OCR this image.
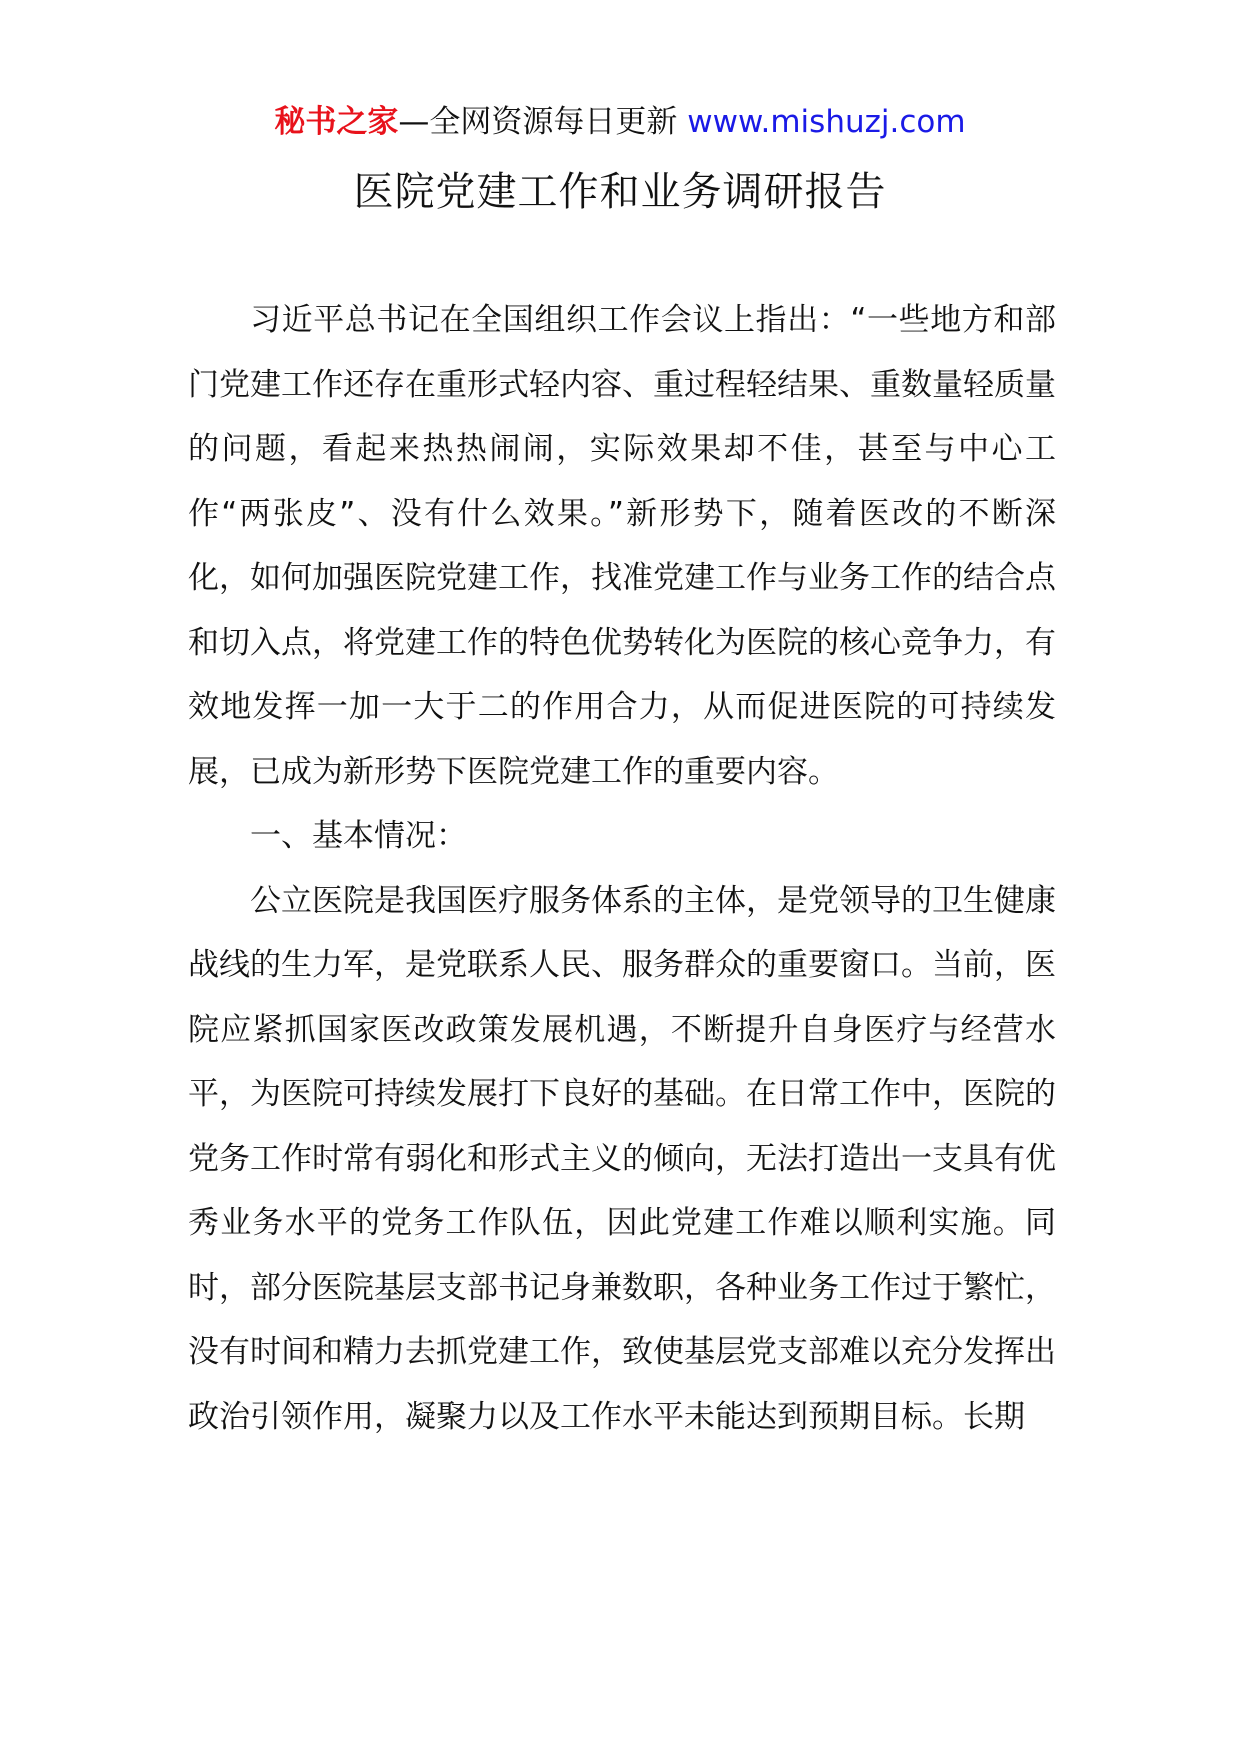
秘书之家—全网资源每日更新 www.mishuzj.com
医院党建工作和业务调研报告

习近平总书记在全国组织工作会议上指出：“一些地方和部门党建工作还存在重形式轻内容、重过程轻结果、重数量轻质量的问题，看起来热热闹闹，实际效果却不佳，甚至与中心工作“两张皮”、没有什么效果。”新形势下，随着医改的不断深化，如何加强医院党建工作，找准党建工作与业务工作的结合点和切入点，将党建工作的特色优势转化为医院的核心竞争力，有效地发挥一加一大于二的作用合力，从而促进医院的可持续发展，已成为新形势下医院党建工作的重要内容。

一、基本情况：

公立医院是我国医疗服务体系的主体，是党领导的卫生健康战线的生力军，是党联系人民、服务群众的重要窗口。当前，医院应紧抓国家医改政策发展机遇，不断提升自身医疗与经营水平，为医院可持续发展打下良好的基础。在日常工作中，医院的党务工作时常有弱化和形式主义的倾向，无法打造出一支具有优秀业务水平的党务工作队伍，因此党建工作难以顺利实施。同时，部分医院基层支部书记身兼数职，各种业务工作过于繁忙，没有时间和精力去抓党建工作，致使基层党支部难以充分发挥出政治引领作用，凝聚力以及工作水平未能达到预期目标。长期
